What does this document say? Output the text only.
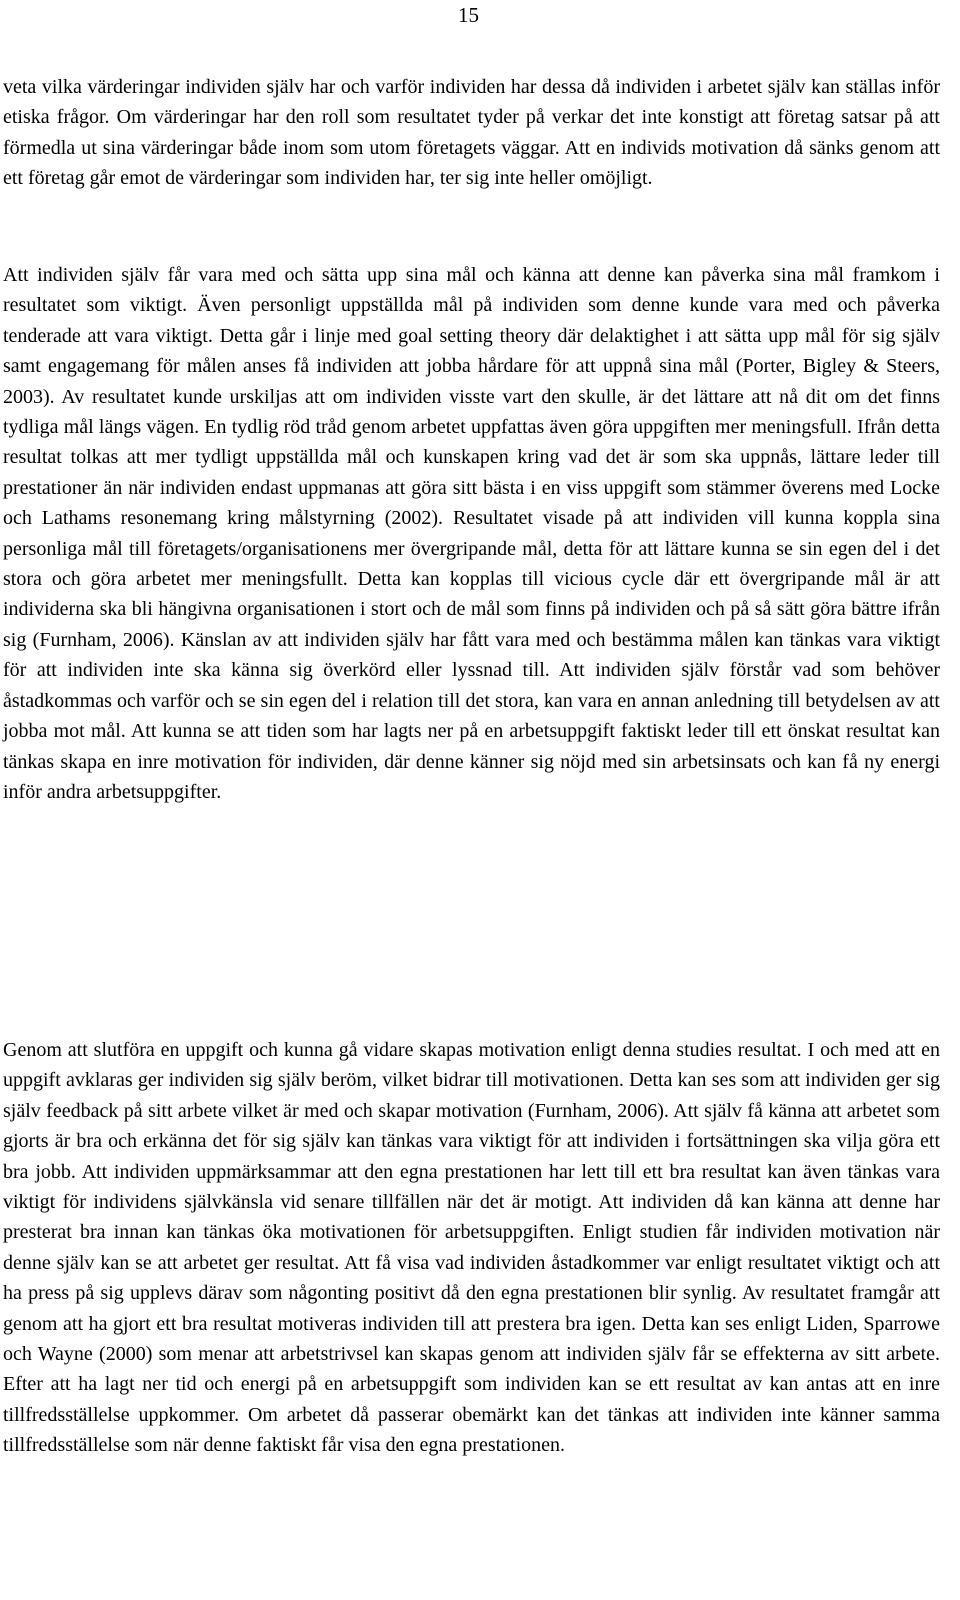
15

veta vilka värderingar individen själv har och varför individen har dessa då individen i arbetet själv kan ställas inför etiska frågor. Om värderingar har den roll som resultatet tyder på verkar det inte konstigt att företag satsar på att förmedla ut sina värderingar både inom som utom företagets väggar. Att en individs motivation då sänks genom att ett företag går emot de värderingar som individen har, ter sig inte heller omöjligt.

Att individen själv får vara med och sätta upp sina mål och känna att denne kan påverka sina mål framkom i resultatet som viktigt. Även personligt uppställda mål på individen som denne kunde vara med och påverka tenderade att vara viktigt. Detta går i linje med goal setting theory där delaktighet i att sätta upp mål för sig själv samt engagemang för målen anses få individen att jobba hårdare för att uppnå sina mål (Porter, Bigley & Steers, 2003). Av resultatet kunde urskiljas att om individen visste vart den skulle, är det lättare att nå dit om det finns tydliga mål längs vägen. En tydlig röd tråd genom arbetet uppfattas även göra uppgiften mer meningsfull. Ifrån detta resultat tolkas att mer tydligt uppställda mål och kunskapen kring vad det är som ska uppnås, lättare leder till prestationer än när individen endast uppmanas att göra sitt bästa i en viss uppgift som stämmer överens med Locke och Lathams resonemang kring målstyrning (2002). Resultatet visade på att individen vill kunna koppla sina personliga mål till företagets/organisationens mer övergripande mål, detta för att lättare kunna se sin egen del i det stora och göra arbetet mer meningsfullt. Detta kan kopplas till vicious cycle där ett övergripande mål är att individerna ska bli hängivna organisationen i stort och de mål som finns på individen och på så sätt göra bättre ifrån sig (Furnham, 2006). Känslan av att individen själv har fått vara med och bestämma målen kan tänkas vara viktigt för att individen inte ska känna sig överkörd eller lyssnad till. Att individen själv förstår vad som behöver åstadkommas och varför och se sin egen del i relation till det stora, kan vara en annan anledning till betydelsen av att jobba mot mål. Att kunna se att tiden som har lagts ner på en arbetsuppgift faktiskt leder till ett önskat resultat kan tänkas skapa en inre motivation för individen, där denne känner sig nöjd med sin arbetsinsats och kan få ny energi inför andra arbetsuppgifter.

Genom att slutföra en uppgift och kunna gå vidare skapas motivation enligt denna studies resultat. I och med att en uppgift avklaras ger individen sig själv beröm, vilket bidrar till motivationen. Detta kan ses som att individen ger sig själv feedback på sitt arbete vilket är med och skapar motivation (Furnham, 2006). Att själv få känna att arbetet som gjorts är bra och erkänna det för sig själv kan tänkas vara viktigt för att individen i fortsättningen ska vilja göra ett bra jobb. Att individen uppmärksammar att den egna prestationen har lett till ett bra resultat kan även tänkas vara viktigt för individens självkänsla vid senare tillfällen när det är motigt. Att individen då kan känna att denne har presterat bra innan kan tänkas öka motivationen för arbetsuppgiften. Enligt studien får individen motivation när denne själv kan se att arbetet ger resultat. Att få visa vad individen åstadkommer var enligt resultatet viktigt och att ha press på sig upplevs därav som någonting positivt då den egna prestationen blir synlig. Av resultatet framgår att genom att ha gjort ett bra resultat motiveras individen till att prestera bra igen. Detta kan ses enligt Liden, Sparrowe och Wayne (2000) som menar att arbetstrivsel kan skapas genom att individen själv får se effekterna av sitt arbete. Efter att ha lagt ner tid och energi på en arbetsuppgift som individen kan se ett resultat av kan antas att en inre tillfredsställelse uppkommer. Om arbetet då passerar obemärkt kan det tänkas att individen inte känner samma tillfredsställelse som när denne faktiskt får visa den egna prestationen.
